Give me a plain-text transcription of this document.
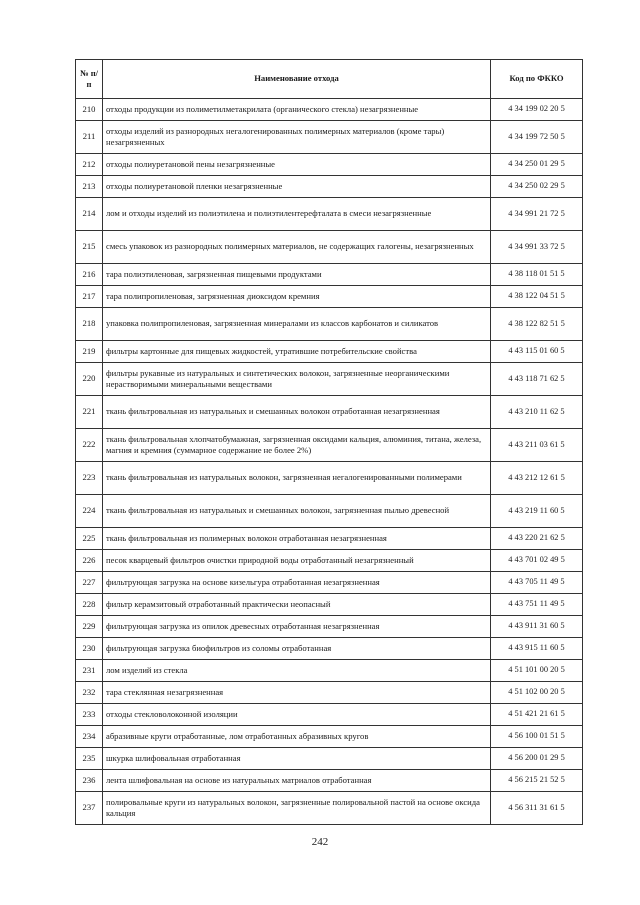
№ п/п	Наименование отхода	Код по ФККО
210	отходы продукции из полиметилметакрилата (органического стекла) незагрязненные	4 34 199 02 20 5
211	отходы изделий из разнородных негалогенированных полимерных материалов (кроме тары) незагрязненных	4 34 199 72 50 5
212	отходы полиуретановой пены незагрязненные	4 34 250 01 29 5
213	отходы полиуретановой пленки незагрязненные	4 34 250 02 29 5
214	лом и отходы изделий из полиэтилена и полиэтилентерефталата в смеси незагрязненные	4 34 991 21 72 5
215	смесь упаковок из разнородных полимерных материалов, не содержащих галогены, незагрязненных	4 34 991 33 72 5
216	тара полиэтиленовая, загрязненная пищевыми продуктами	4 38 118 01 51 5
217	тара полипропиленовая, загрязненная диоксидом кремния	4 38 122 04 51 5
218	упаковка полипропиленовая, загрязненная минералами из классов карбонатов и силикатов	4 38 122 82 51 5
219	фильтры картонные для пищевых жидкостей, утратившие потребительские свойства	4 43 115 01 60 5
220	фильтры рукавные из натуральных и синтетических волокон, загрязненные неорганическими нерастворимыми минеральными веществами	4 43 118 71 62 5
221	ткань фильтровальная из натуральных и смешанных волокон отработанная незагрязненная	4 43 210 11 62 5
222	ткань фильтровальная хлопчатобумажная, загрязненная оксидами кальция, алюминия, титана, железа, магния и кремния (суммарное содержание не более 2%)	4 43 211 03 61 5
223	ткань фильтровальная из натуральных волокон, загрязненная негалогенированными полимерами	4 43 212 12 61 5
224	ткань фильтровальная из натуральных и смешанных волокон, загрязненная пылью древесной	4 43 219 11 60 5
225	ткань фильтровальная из полимерных волокон отработанная незагрязненная	4 43 220 21 62 5
226	песок кварцевый фильтров очистки природной воды отработанный незагрязненный	4 43 701 02 49 5
227	фильтрующая загрузка на основе кизельгура отработанная незагрязненная	4 43 705 11 49 5
228	фильтр керамзитовый отработанный практически неопасный	4 43 751 11 49 5
229	фильтрующая загрузка из опилок древесных отработанная незагрязненная	4 43 911 31 60 5
230	фильтрующая загрузка биофильтров из соломы отработанная	4 43 915 11 60 5
231	лом изделий из стекла	4 51 101 00 20 5
232	тара стеклянная незагрязненная	4 51 102 00 20 5
233	отходы стекловолоконной изоляции	4 51 421 21 61 5
234	абразивные круги отработанные, лом отработанных абразивных кругов	4 56 100 01 51 5
235	шкурка шлифовальная отработанная	4 56 200 01 29 5
236	лента шлифовальная на основе из натуральных матриалов отработанная	4 56 215 21 52 5
237	полировальные круги из натуральных волокон, загрязненные полировальной пастой на основе оксида кальция	4 56 311 31 61 5
242
